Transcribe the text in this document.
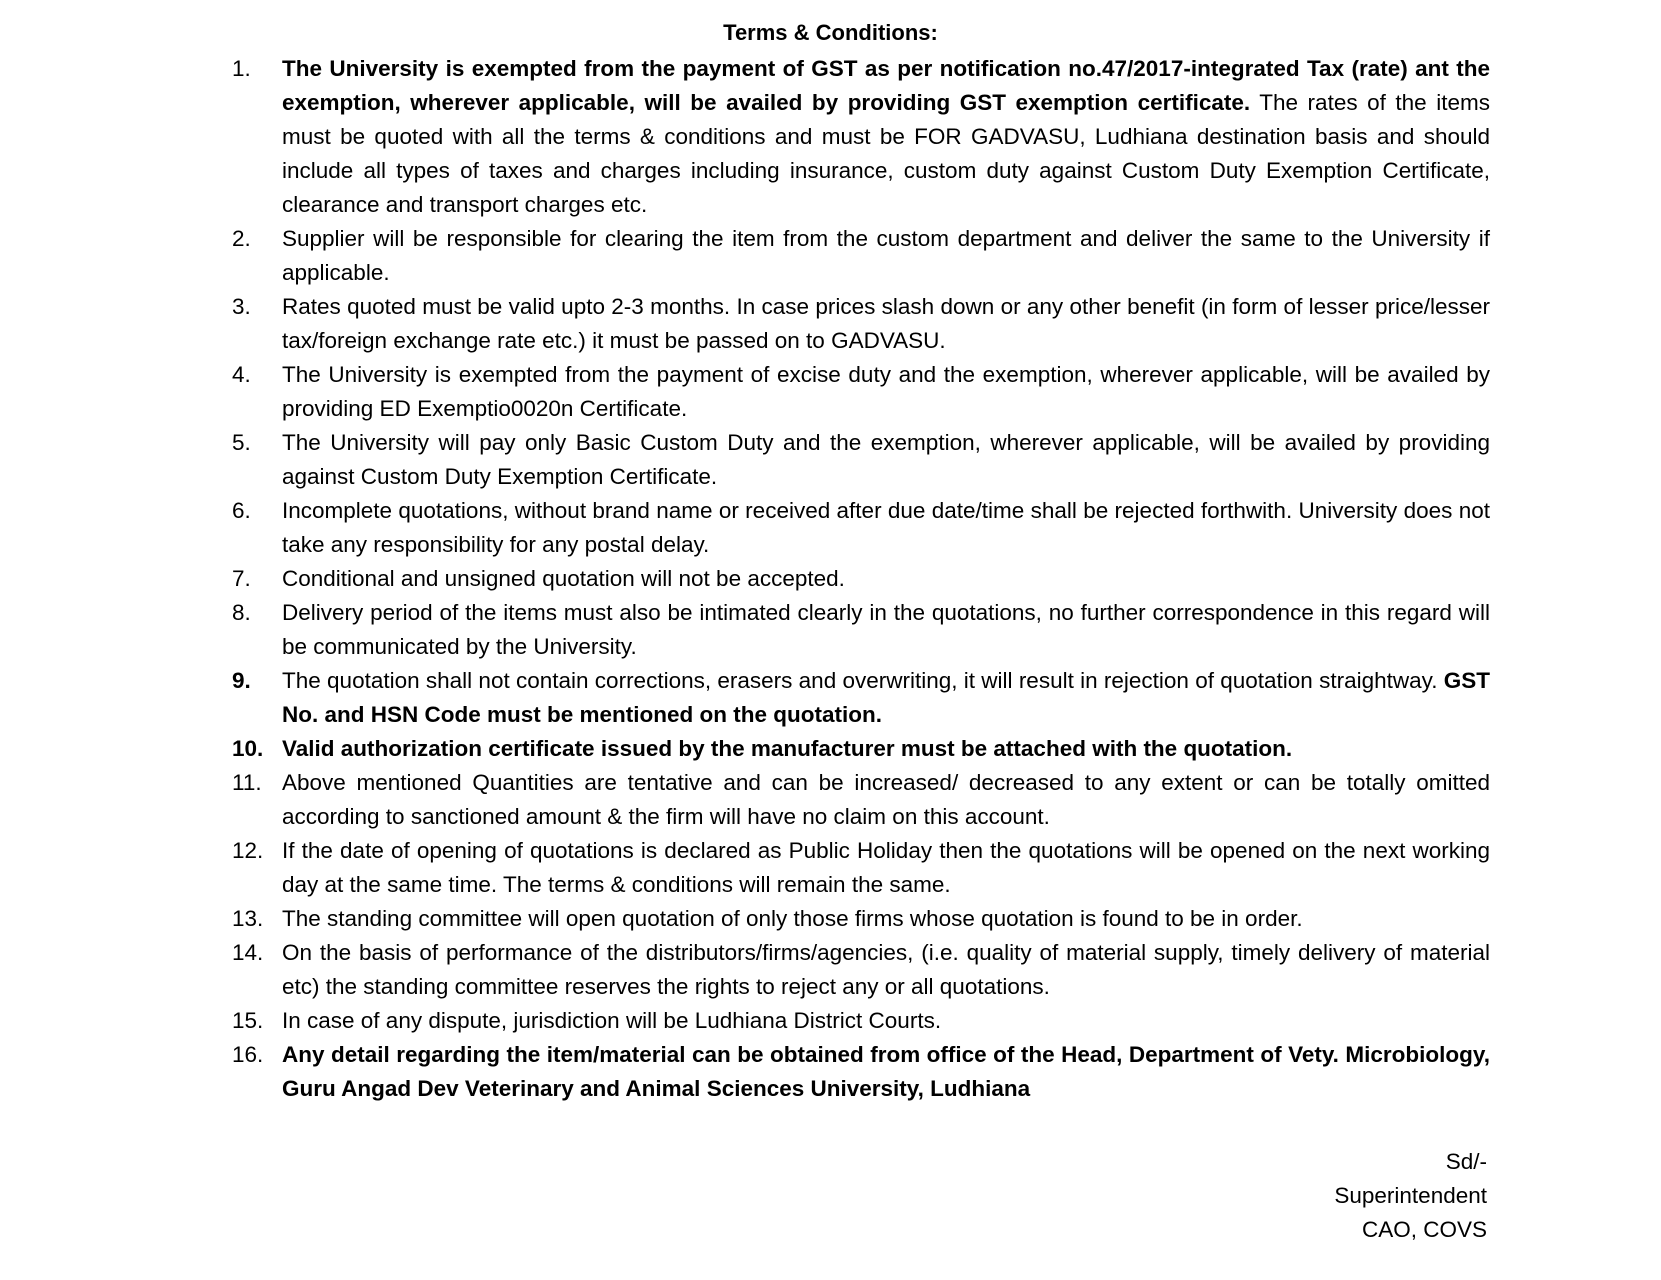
Terms & Conditions:
1.	The University is exempted from the payment of GST as per notification no.47/2017-integrated Tax (rate) ant the exemption, wherever applicable, will be availed by providing GST exemption certificate. The rates of the items must be quoted with all the terms & conditions and must be FOR GADVASU, Ludhiana destination basis and should include all types of taxes and charges including insurance, custom duty against Custom Duty Exemption Certificate, clearance and transport charges etc.
2.	Supplier will be responsible for clearing the item from the custom department and deliver the same to the University if applicable.
3.	Rates quoted must be valid upto 2-3 months. In case prices slash down or any other benefit (in form of lesser price/lesser tax/foreign exchange rate etc.) it must be passed on to GADVASU.
4.	The University is exempted from the payment of excise duty and the exemption, wherever applicable, will be availed by providing ED Exemptio0020n Certificate.
5.	The University will pay only Basic Custom Duty and the exemption, wherever applicable, will be availed by providing against Custom Duty Exemption Certificate.
6.	Incomplete quotations, without brand name or received after due date/time shall be rejected forthwith. University does not take any responsibility for any postal delay.
7.	Conditional and unsigned quotation will not be accepted.
8.	Delivery period of the items must also be intimated clearly in the quotations, no further correspondence in this regard will be communicated by the University.
9.	The quotation shall not contain corrections, erasers and overwriting, it will result in rejection of quotation straightway. GST No. and HSN Code must be mentioned on the quotation.
10. Valid authorization certificate issued by the manufacturer must be attached with the quotation.
11. Above mentioned Quantities are tentative and can be increased/ decreased to any extent or can be totally omitted according to sanctioned amount & the firm will have no claim on this account.
12. If the date of opening of quotations is declared as Public Holiday then the quotations will be opened on the next working day at the same time. The terms & conditions will remain the same.
13. The standing committee will open quotation of only those firms whose quotation is found to be in order.
14. On the basis of performance of the distributors/firms/agencies, (i.e. quality of material supply, timely delivery of material etc) the standing committee reserves the rights to reject any or all quotations.
15. In case of any dispute, jurisdiction will be Ludhiana District Courts.
16. Any detail regarding the item/material can be obtained from office of the Head, Department of Vety. Microbiology, Guru Angad Dev Veterinary and Animal Sciences University, Ludhiana
Sd/-
Superintendent
CAO, COVS
